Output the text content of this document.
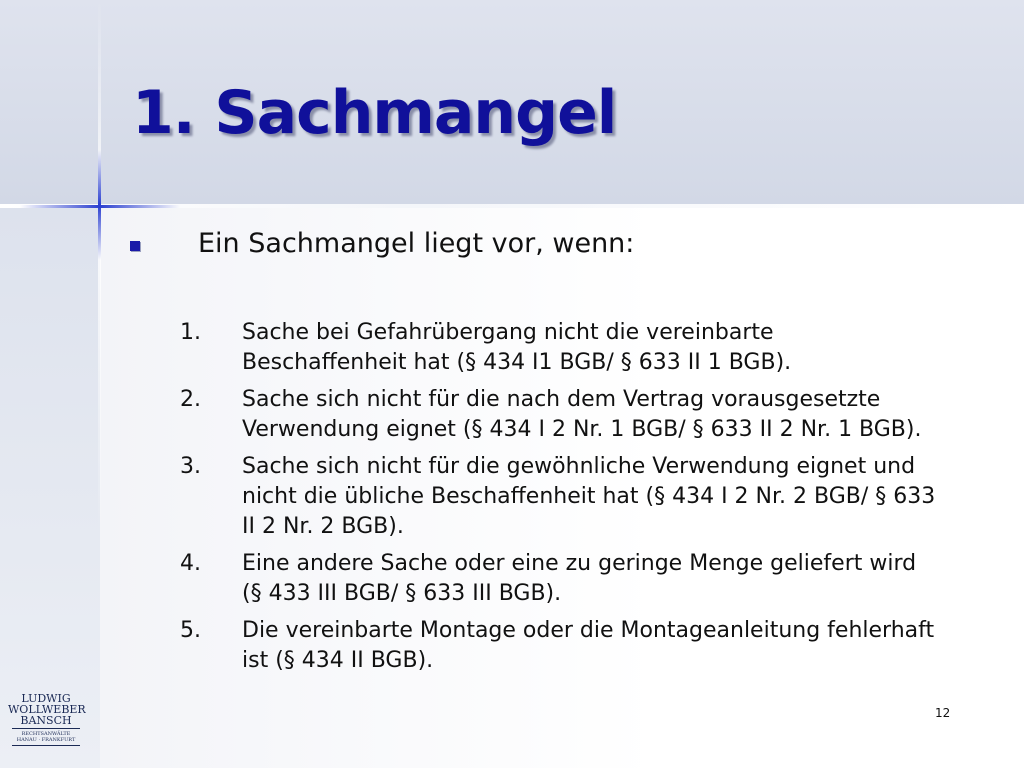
1. Sachmangel
Ein Sachmangel liegt vor, wenn:
1.	Sache bei Gefahrübergang nicht die vereinbarte Beschaffenheit hat (§ 434 I1 BGB/ § 633 II 1 BGB).
2.	Sache sich nicht für die nach dem Vertrag vorausgesetzte Verwendung eignet (§ 434 I 2 Nr. 1 BGB/ § 633 II 2 Nr. 1 BGB).
3.	Sache sich nicht für die gewöhnliche Verwendung eignet und nicht die übliche Beschaffenheit hat (§ 434 I 2 Nr. 2 BGB/ § 633 II 2 Nr. 2 BGB).
4.	Eine andere Sache oder eine zu geringe Menge geliefert wird (§ 433 III BGB/ § 633 III BGB).
5.	Die vereinbarte Montage oder die Montageanleitung fehlerhaft ist (§ 434 II BGB).
LUDWIG
WOLLWEBER
BANSCH
RECHTSANWÄLTE
HANAU · FRANKFURT
12
